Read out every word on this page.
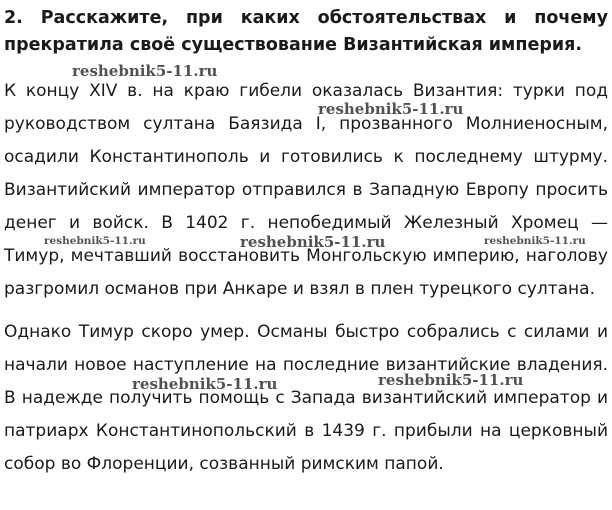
2. Расскажите, при каких обстоятельствах и почему прекратила своё существование Византийская империя.

К концу XIV в. на краю гибели оказалась Византия: турки под руководством султана Баязида I, прозванного Молниеносным, осадили Константинополь и готовились к последнему штурму. Византийский император отправился в Западную Европу просить денег и войск. В 1402 г. непобедимый Железный Хромец — Тимур, мечтавший восстановить Монгольскую империю, наголову разгромил османов при Анкаре и взял в плен турецкого султана.

Однако Тимур скоро умер. Османы быстро собрались с силами и начали новое наступление на последние византийские владения. В надежде получить помощь с Запада византийский император и патриарх Константинопольский в 1439 г. прибыли на церковный собор во Флоренции, созванный римским папой.

reshebnik5-11.ru
reshebnik5-11.ru
reshebnik5-11.ru	reshebnik5-11.ru	reshebnik5-11.ru
reshebnik5-11.ru	reshebnik5-11.ru
